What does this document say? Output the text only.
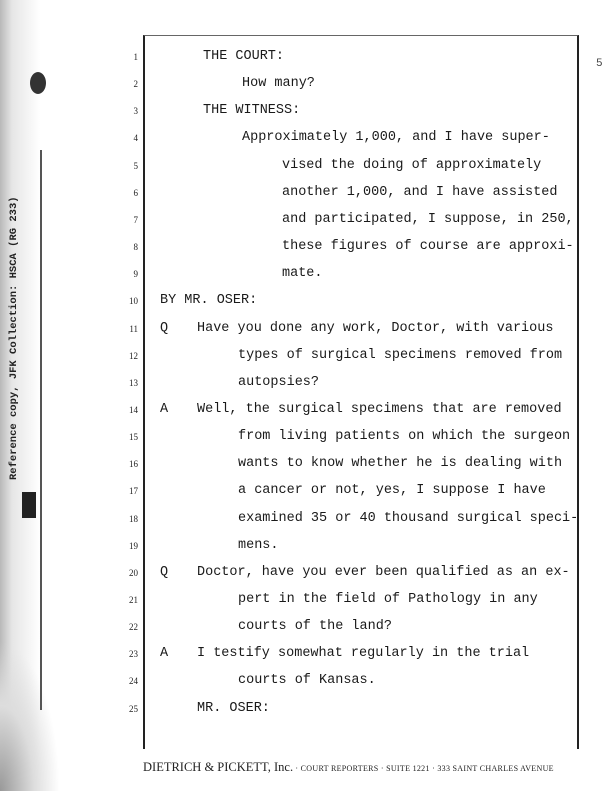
Reference copy, JFK Collection: HSCA (RG 233)
5
1	THE COURT:
2	How many?
3	THE WITNESS:
4	Approximately 1,000, and I have super-
5	vised the doing of approximately
6	another 1,000, and I have assisted
7	and participated, I suppose, in 250,
8	these figures of course are approxi-
9	mate.
10 BY MR. OSER:
11 Q Have you done any work, Doctor, with various
12	types of surgical specimens removed from
13	autopsies?
14 A Well, the surgical specimens that are removed
15	from living patients on which the surgeon
16	wants to know whether he is dealing with
17	a cancer or not, yes, I suppose I have
18	examined 35 or 40 thousand surgical speci-
19	mens.
20 Q Doctor, have you ever been qualified as an ex-
21	pert in the field of Pathology in any
22	courts of the land?
23 A I testify somewhat regularly in the trial
24	courts of Kansas.
25	MR. OSER:
DIETRICH & PICKETT, Inc. · COURT REPORTERS · SUITE 1221 · 333 SAINT CHARLES AVENUE
